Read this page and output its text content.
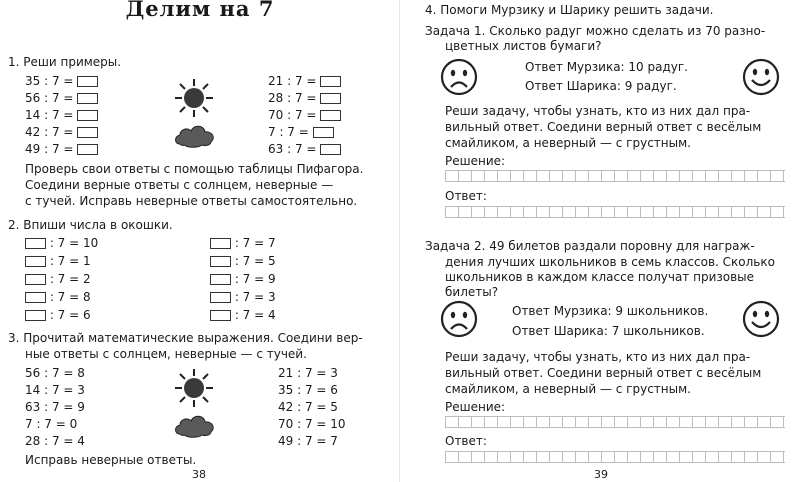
Делим на 7
1. Реши примеры.
35 : 7 =
56 : 7 =
14 : 7 =
42 : 7 =
49 : 7 =
21 : 7 =
28 : 7 =
70 : 7 =
7 : 7 =
63 : 7 =
Проверь свои ответы с помощью таблицы Пифагора.
Соедини верные ответы с солнцем, неверные —
с тучей. Исправь неверные ответы самостоятельно.
2. Впиши числа в окошки.
: 7 = 10
: 7 = 1
: 7 = 2
: 7 = 8
: 7 = 6
: 7 = 7
: 7 = 5
: 7 = 9
: 7 = 3
: 7 = 4
3. Прочитай математические выражения. Соедини вер-
ные ответы с солнцем, неверные — с тучей.
56 : 7 = 8
14 : 7 = 3
63 : 7 = 9
7 : 7 = 0
28 : 7 = 4
21 : 7 = 3
35 : 7 = 6
42 : 7 = 5
70 : 7 = 10
49 : 7 = 7
Исправь неверные ответы.
38
4. Помоги Мурзику и Шарику решить задачи.
Задача 1. Сколько радуг можно сделать из 70 разно-
цветных листов бумаги?
Ответ Мурзика: 10 радуг.
Ответ Шарика: 9 радуг.
Реши задачу, чтобы узнать, кто из них дал пра-
вильный ответ. Соедини верный ответ с весёлым
смайликом, а неверный — с грустным.
Решение:
Ответ:
Задача 2. 49 билетов раздали поровну для награж-
дения лучших школьников в семь классов. Сколько
школьников в каждом классе получат призовые
билеты?
Ответ Мурзика: 9 школьников.
Ответ Шарика: 7 школьников.
Реши задачу, чтобы узнать, кто из них дал пра-
вильный ответ. Соедини верный ответ с весёлым
смайликом, а неверный — с грустным.
Решение:
Ответ:
39
